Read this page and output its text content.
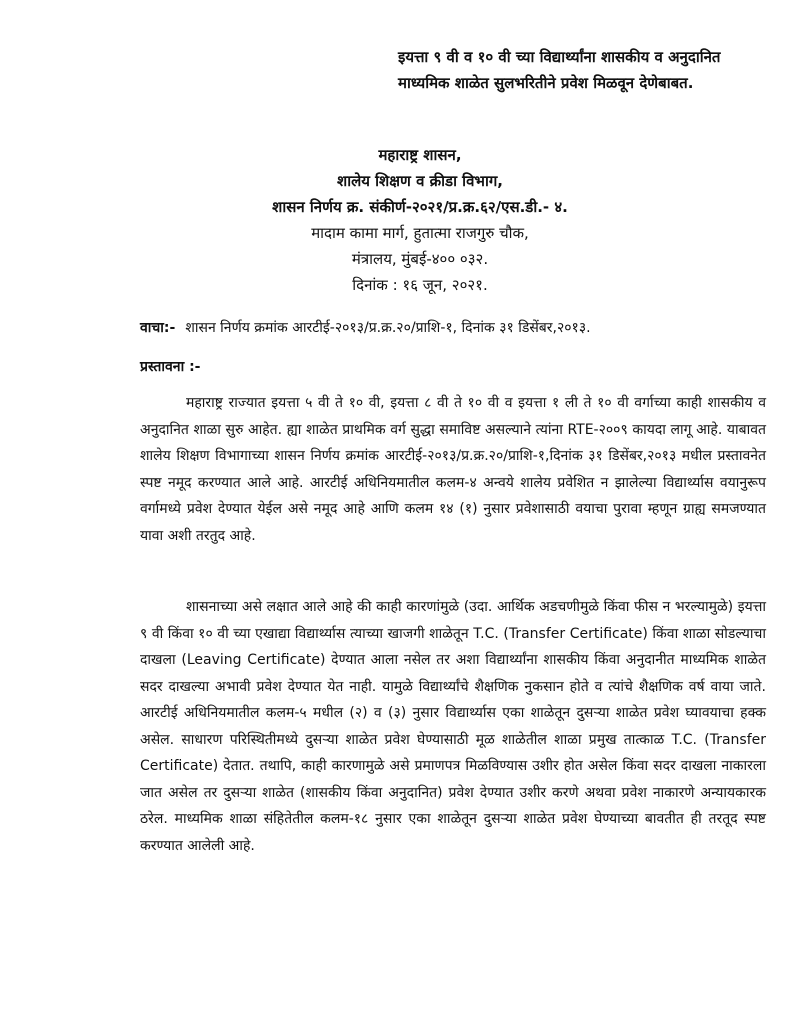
इयत्ता ९ वी व १० वी च्या विद्यार्थ्यांना शासकीय व अनुदानित माध्यमिक शाळेत सुलभरितीने प्रवेश मिळवून देणेबाबत.
महाराष्ट्र शासन,
शालेय शिक्षण व क्रीडा विभाग,
शासन निर्णय क्र. संकीर्ण-२०२१/प्र.क्र.६२/एस.डी.- ४.
मादाम कामा मार्ग, हुतात्मा राजगुरु चौक,
मंत्रालय, मुंबई-४०० ०३२.
दिनांक : १६ जून, २०२१.
वाचा:- शासन निर्णय क्रमांक आरटीई-२०१३/प्र.क्र.२०/प्राशि-१, दिनांक ३१ डिसेंबर,२०१३.
प्रस्तावना :-
महाराष्ट्र राज्यात इयत्ता ५ वी ते १० वी, इयत्ता ८ वी ते १० वी व इयत्ता १ ली ते १० वी वर्गाच्या काही शासकीय व अनुदानित शाळा सुरु आहेत. ह्या शाळेत प्राथमिक वर्ग सुद्धा समाविष्ट असल्याने त्यांना RTE-२००९ कायदा लागू आहे. याबावत शालेय शिक्षण विभागाच्या शासन निर्णय क्रमांक आरटीई-२०१३/प्र.क्र.२०/प्राशि-१,दिनांक ३१ डिसेंबर,२०१३ मधील प्रस्तावनेत स्पष्ट नमूद करण्यात आले आहे. आरटीई अधिनियमातील कलम-४ अन्वये शालेय प्रवेशित न झालेल्या विद्यार्थ्यास वयानुरूप वर्गामध्ये प्रवेश देण्यात येईल असे नमूद आहे आणि कलम १४ (१) नुसार प्रवेशासाठी वयाचा पुरावा म्हणून ग्राह्य समजण्यात यावा अशी तरतुद आहे.
शासनाच्या असे लक्षात आले आहे की काही कारणांमुळे (उदा. आर्थिक अडचणीमुळे किंवा फीस न भरल्यामुळे) इयत्ता ९ वी किंवा १० वी च्या एखाद्या विद्यार्थ्यास त्याच्या खाजगी शाळेतून T.C. (Transfer Certificate) किंवा शाळा सोडल्याचा दाखला (Leaving Certificate) देण्यात आला नसेल तर अशा विद्यार्थ्यांना शासकीय किंवा अनुदानीत माध्यमिक शाळेत सदर दाखल्या अभावी प्रवेश देण्यात येत नाही. यामुळे विद्यार्थ्यांचे शैक्षणिक नुकसान होते व त्यांचे शैक्षणिक वर्ष वाया जाते. आरटीई अधिनियमातील कलम-५ मधील (२) व (३) नुसार विद्यार्थ्यास एका शाळेतून दुसऱ्या शाळेत प्रवेश घ्यावयाचा हक्क असेल. साधारण परिस्थितीमध्ये दुसऱ्या शाळेत प्रवेश घेण्यासाठी मूळ शाळेतील शाळा प्रमुख तात्काळ T.C. (Transfer Certificate) देतात. तथापि, काही कारणामुळे असे प्रमाणपत्र मिळविण्यास उशीर होत असेल किंवा सदर दाखला नाकारला जात असेल तर दुसऱ्या शाळेत (शासकीय किंवा अनुदानित) प्रवेश देण्यात उशीर करणे अथवा प्रवेश नाकारणे अन्यायकारक ठरेल. माध्यमिक शाळा संहितेतील कलम-१८ नुसार एका शाळेतून दुसऱ्या शाळेत प्रवेश घेण्याच्या बावतीत ही तरतूद स्पष्ट करण्यात आलेली आहे.
